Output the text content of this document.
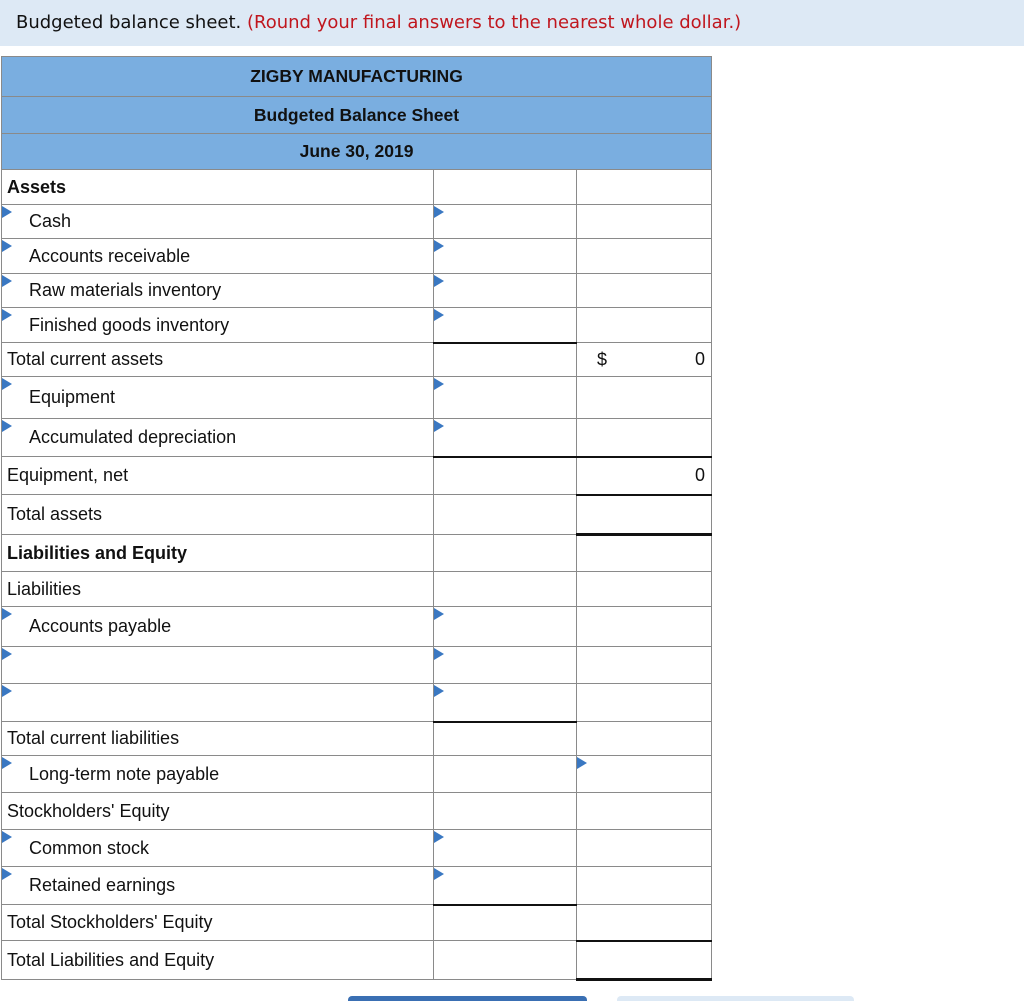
Budgeted balance sheet. (Round your final answers to the nearest whole dollar.)
ZIGBY MANUFACTURING		
Budgeted Balance Sheet		
June 30, 2019		
Assets		
Cash		
Accounts receivable		
Raw materials inventory		
Finished goods inventory		
Total current assets		$ 0
Equipment		
Accumulated depreciation		
Equipment, net		0
Total assets		
Liabilities and Equity		
Liabilities		
Accounts payable		

Total current liabilities		
Long-term note payable		
Stockholders' Equity		
Common stock		
Retained earnings		
Total Stockholders' Equity		
Total Liabilities and Equity		
